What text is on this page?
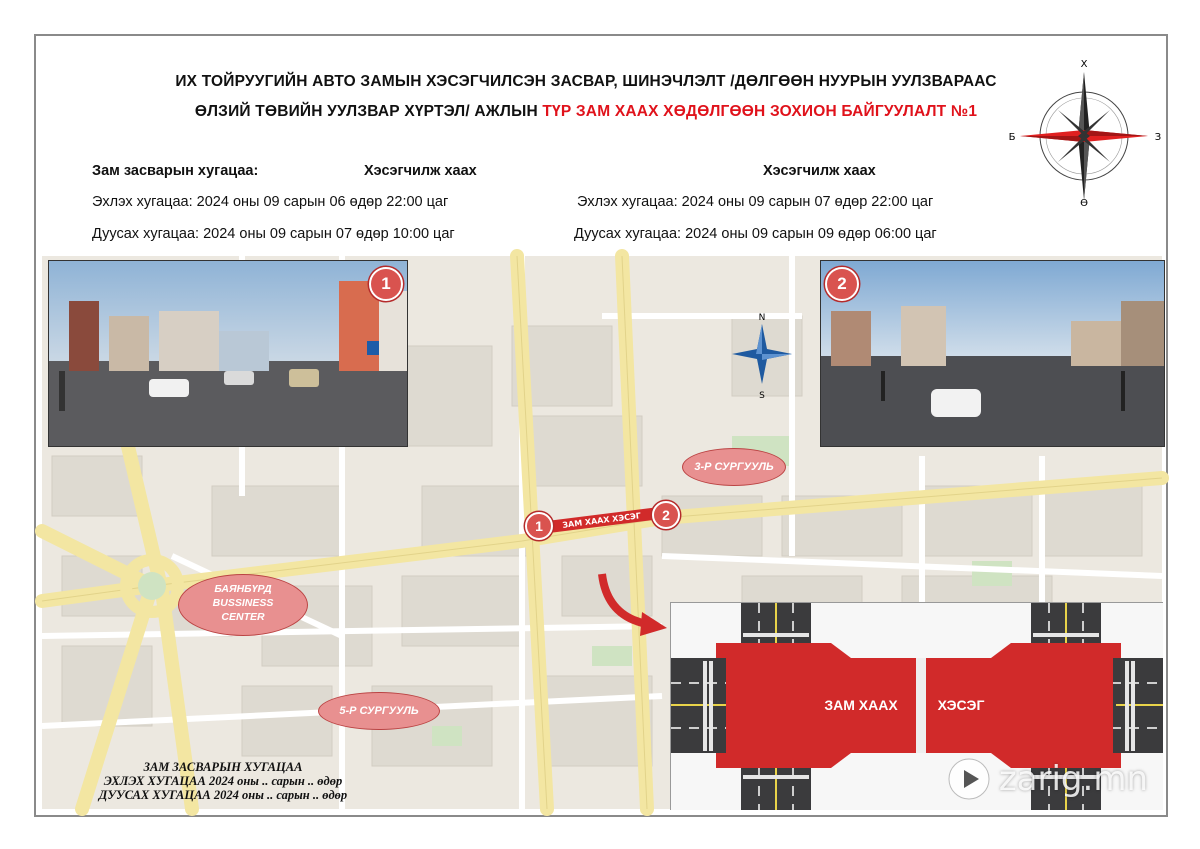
ИХ ТОЙРУУГИЙН АВТО ЗАМЫН ХЭСЭГЧИЛСЭН ЗАСВАР, ШИНЭЧЛЭЛТ /ДӨЛГӨӨН НУУРЫН УУЛЗВАРААС
ӨЛЗИЙ ТӨВИЙН УУЛЗВАР ХҮРТЭЛ/ АЖЛЫН ТҮР ЗАМ ХААХ ХӨДӨЛГӨӨН ЗОХИОН БАЙГУУЛАЛТ №1
Х
Ө
Б	З
Зам засварын хугацаа:	Хэсэгчилж хаах
Эхлэх хугацаа: 2024 оны 09 сарын 06 өдөр 22:00 цаг
Дуусах хугацаа: 2024 оны 09 сарын 07 өдөр 10:00 цаг
Хэсэгчилж хаах
Эхлэх хугацаа: 2024 оны 09 сарын 07 өдөр 22:00 цаг
Дуусах хугацаа: 2024 оны 09 сарын 09 өдөр 06:00 цаг
ЗАМ ХААХ ХЭСЭГ
N
S
1	2
1
2
3-Р СУРГУУЛЬ
БАЯНБҮРД
BUSSINESS
CENTER
5-Р СУРГУУЛЬ
ЗАМ ЗАСВАРЫН ХУГАЦАА
ЭХЛЭХ ХУГАЦАА 2024 оны .. сарын .. өдөр
ДУУСАХ ХУГАЦАА 2024 оны .. сарын .. өдөр
ЗАМ ХААХ	ХЭСЭГ
zarig.mn
